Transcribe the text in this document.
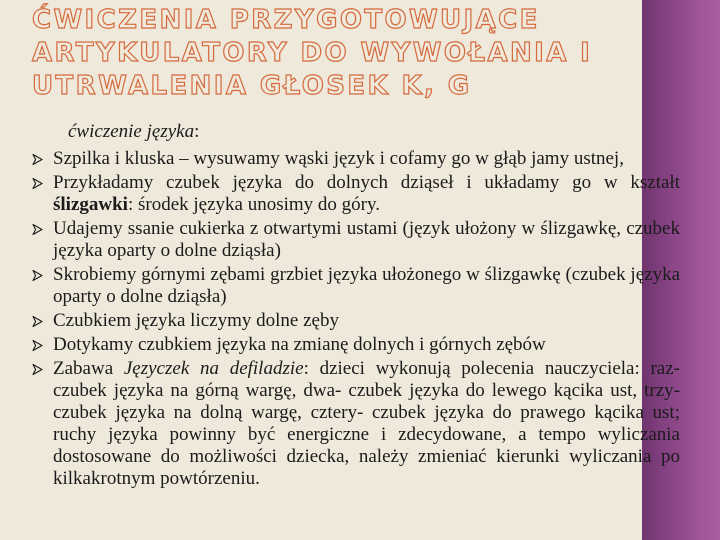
ĆWICZENIA PRZYGOTOWUJĄCE
ARTYKULATORY DO WYWOŁANIA I
UTRWALENIA GŁOSEK K, G
ćwiczenie języka:
Szpilka i kluska – wysuwamy wąski język i cofamy go w głąb jamy ustnej,
Przykładamy czubek języka do dolnych dziąseł i układamy go w kształt ślizgawki: środek języka unosimy do góry.
Udajemy ssanie cukierka z otwartymi ustami (język ułożony w ślizgawkę, czubek języka oparty o dolne dziąsła)
Skrobiemy górnymi zębami grzbiet języka ułożonego w ślizgawkę (czubek języka oparty o dolne dziąsła)
Czubkiem języka liczymy dolne zęby
Dotykamy czubkiem języka na zmianę dolnych i górnych zębów
Zabawa Języczek na defiladzie: dzieci wykonują polecenia nauczyciela: raz- czubek języka na górną wargę, dwa- czubek języka do lewego kącika ust, trzy- czubek języka na dolną wargę, cztery- czubek języka do prawego kącika ust; ruchy języka powinny być energiczne i zdecydowane, a tempo wyliczania dostosowane do możliwości dziecka, należy zmieniać kierunki wyliczania po kilkakrotnym powtórzeniu.
